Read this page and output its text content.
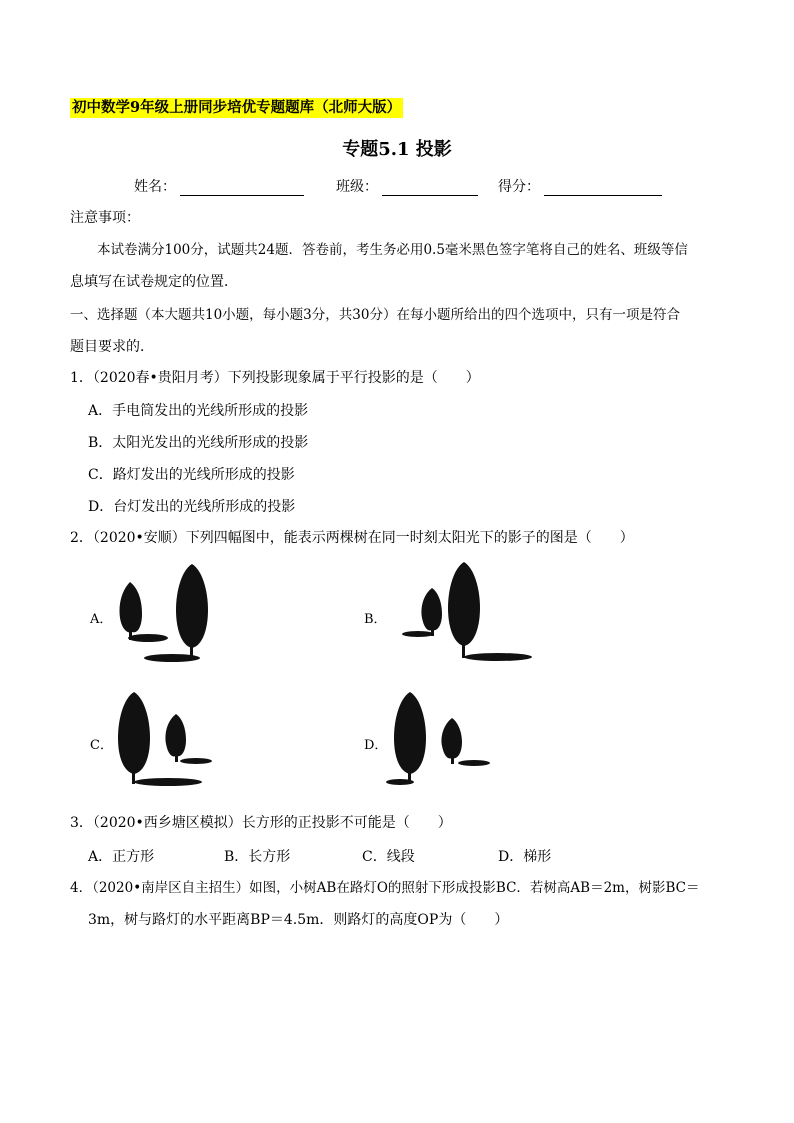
初中数学9年级上册同步培优专题题库（北师大版）
专题5.1 投影
姓名：	班级：	得分：
注意事项：
本试卷满分100分，试题共24题．答卷前，考生务必用0.5毫米黑色签字笔将自己的姓名、班级等信
息填写在试卷规定的位置．
一、选择题（本大题共10小题，每小题3分，共30分）在每小题所给出的四个选项中，只有一项是符合
题目要求的．
1．（2020春•贵阳月考）下列投影现象属于平行投影的是（　　）
A．手电筒发出的光线所形成的投影
B．太阳光发出的光线所形成的投影
C．路灯发出的光线所形成的投影
D．台灯发出的光线所形成的投影
2．（2020•安顺）下列四幅图中，能表示两棵树在同一时刻太阳光下的影子的图是（　　）
A．	B．
C．	D．
3．（2020•西乡塘区模拟）长方形的正投影不可能是（　　）
A．正方形	B．长方形	C．线段	D．梯形
4．（2020•南岸区自主招生）如图，小树AB在路灯O的照射下形成投影BC．若树高AB＝2m，树影BC＝
3m，树与路灯的水平距离BP＝4.5m．则路灯的高度OP为（　　）
